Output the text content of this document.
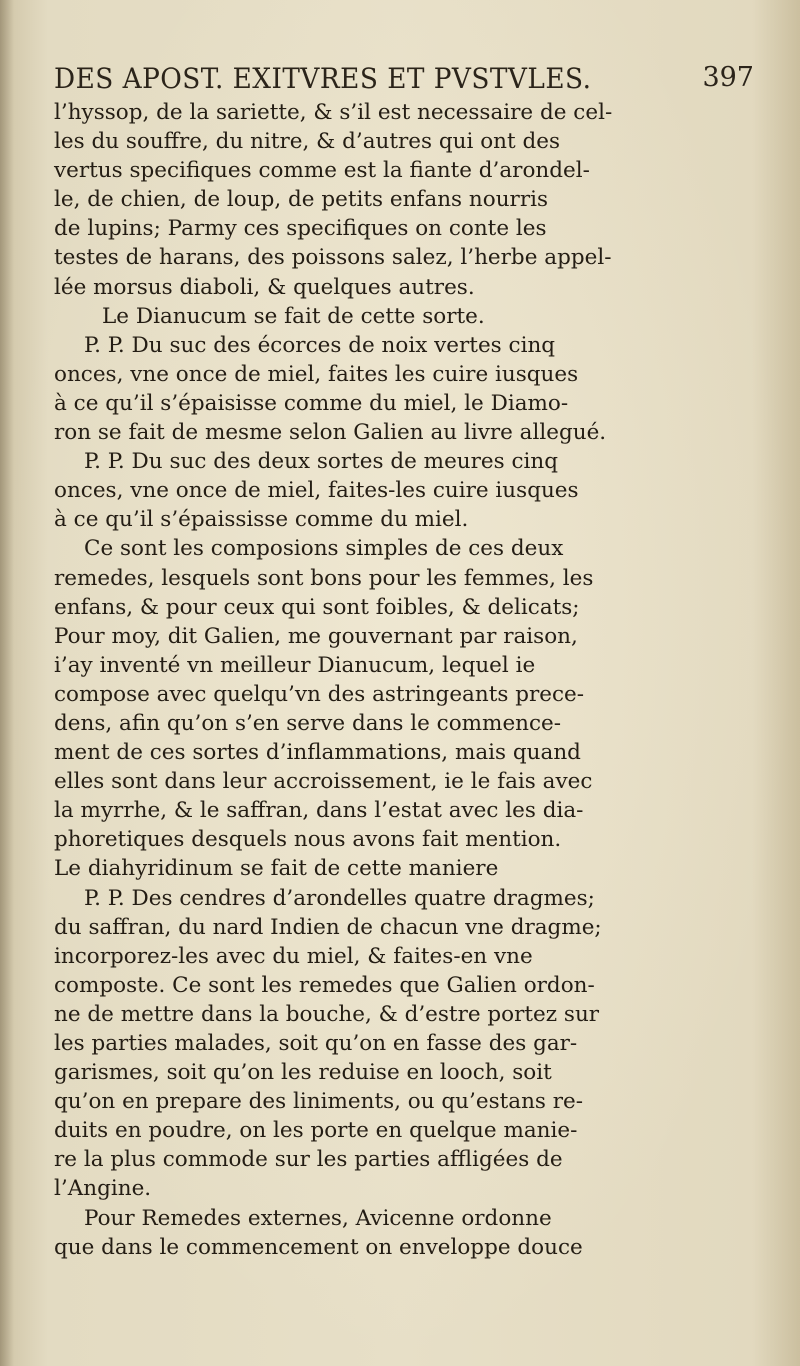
DES APOST. EXITVRES ET PVSTVLES.	397
l’hyssop, de la sariette, & s’il est necessaire de cel-
les du souffre, du nitre, & d’autres qui ont des
vertus specifiques comme est la fiante d’arondel-
le, de chien, de loup, de petits enfans nourris
de lupins; Parmy ces specifiques on conte les
testes de harans, des poissons salez, l’herbe appel-
lée morsus diaboli, & quelques autres.
Le Dianucum se fait de cette sorte.
P. P. Du suc des écorces de noix vertes cinq
onces, vne once de miel, faites les cuire iusques
à ce qu’il s’épaisisse comme du miel, le Diamo-
ron se fait de mesme selon Galien au livre allegué.
P. P. Du suc des deux sortes de meures cinq
onces, vne once de miel, faites-les cuire iusques
à ce qu’il s’épaississe comme du miel.
Ce sont les composions simples de ces deux
remedes, lesquels sont bons pour les femmes, les
enfans, & pour ceux qui sont foibles, & delicats;
Pour moy, dit Galien, me gouvernant par raison,
i’ay inventé vn meilleur Dianucum, lequel ie
compose avec quelqu’vn des astringeants prece-
dens, afin qu’on s’en serve dans le commence-
ment de ces sortes d’inflammations, mais quand
elles sont dans leur accroissement, ie le fais avec
la myrrhe, & le saffran, dans l’estat avec les dia-
phoretiques desquels nous avons fait mention.
Le diahyridinum se fait de cette maniere
P. P. Des cendres d’arondelles quatre dragmes;
du saffran, du nard Indien de chacun vne dragme;
incorporez-les avec du miel, & faites-en vne
composte. Ce sont les remedes que Galien ordon-
ne de mettre dans la bouche, & d’estre portez sur
les parties malades, soit qu’on en fasse des gar-
garismes, soit qu’on les reduise en looch, soit
qu’on en prepare des liniments, ou qu’estans re-
duits en poudre, on les porte en quelque manie-
re la plus commode sur les parties affligées de
l’Angine.
Pour Remedes externes, Avicenne ordonne
que dans le commencement on enveloppe douce
